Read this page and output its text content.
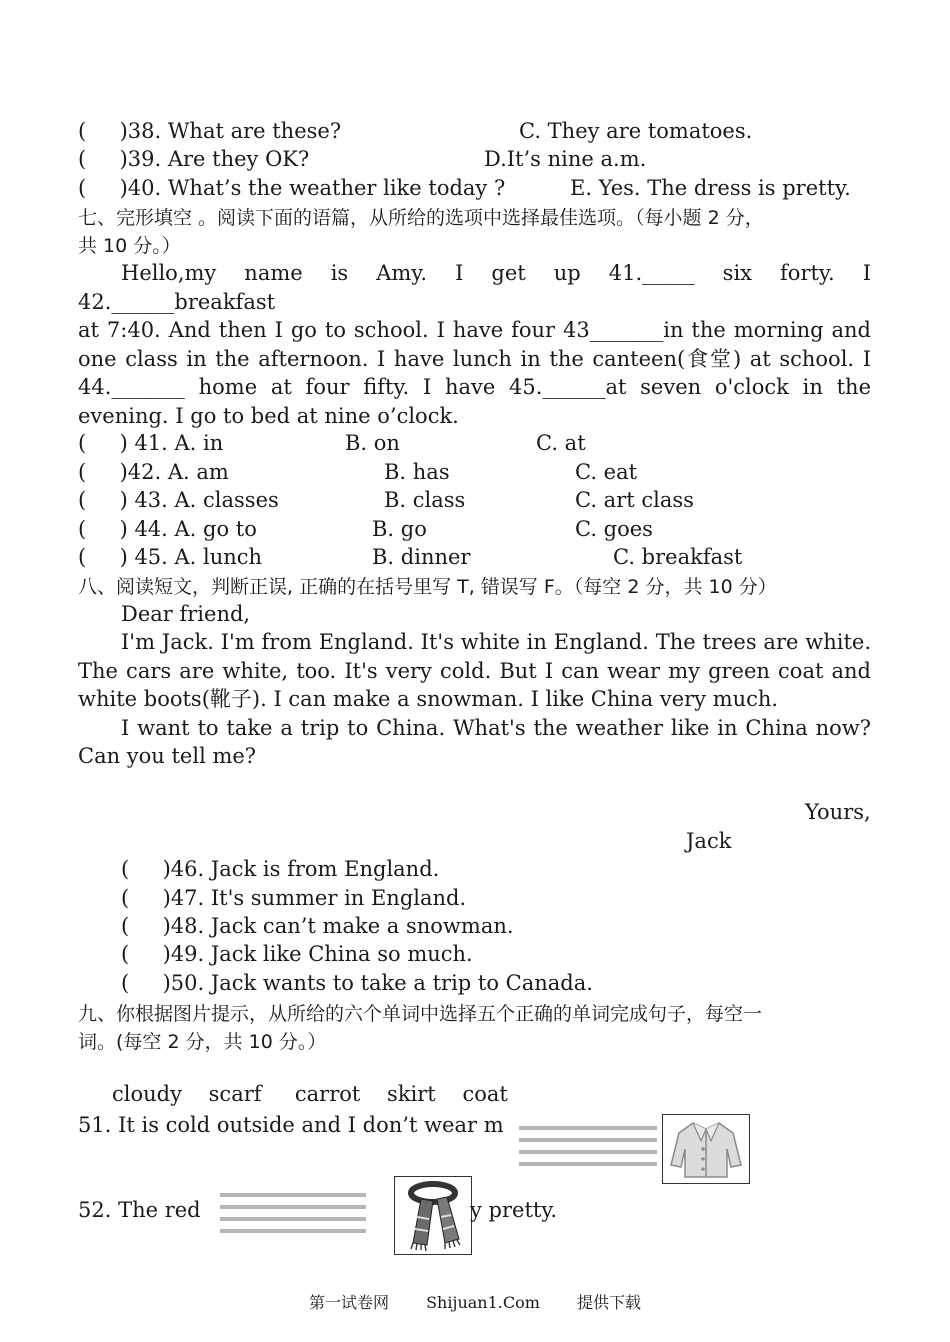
(     )38. What are these?	C. They are tomatoes.
(     )39. Are they OK?	D.It’s nine a.m.
(     )40. What’s the weather like today ?	E. Yes. The dress is pretty.
七、完形填空 。阅读下面的语篇，从所给的选项中选择最佳选项。（每小题 2 分，
共 10 分。）
Hello,my name is Amy. I get up 41._____ six forty. I
42.______breakfast
at 7:40. And then I go to school. I have four 43_______in the morning and one class in the afternoon. I have lunch in the canteen(食堂) at school. I 44._______ home at four fifty. I have 45.______at seven o'clock in the evening. I go to bed at nine o’clock.
(     ) 41. A. in	B. on	C. at
(     )42. A. am	B. has	C. eat
(     ) 43. A. classes	B. class	C. art class
(     ) 44. A. go to	B. go	C. goes
(     ) 45. A. lunch	B. dinner	C. breakfast
八、阅读短文，判断正误, 正确的在括号里写 T, 错误写 F。（每空 2 分，共 10 分）
Dear friend,
I'm Jack. I'm from England. It's white in England. The trees are white. The cars are white, too. It's very cold. But I can wear my green coat and white boots(靴子). I can make a snowman. I like China very much.
I want to take a trip to China. What's the weather like in China now? Can you tell me?
Yours,
Jack
(     )46. Jack is from England.
(     )47. It's summer in England.
(     )48. Jack can’t make a snowman.
(     )49. Jack like China so much.
(     )50. Jack wants to take a trip to Canada.
九、你根据图片提示，从所给的六个单词中选择五个正确的单词完成句子，每空一
词。(每空 2 分，共 10 分。）
cloudy    scarf     carrot    skirt    coat
51. It is cold outside and I don’t wear m
52. The red	y pretty.
第一试卷网 Shijuan1.Com 提供下载
